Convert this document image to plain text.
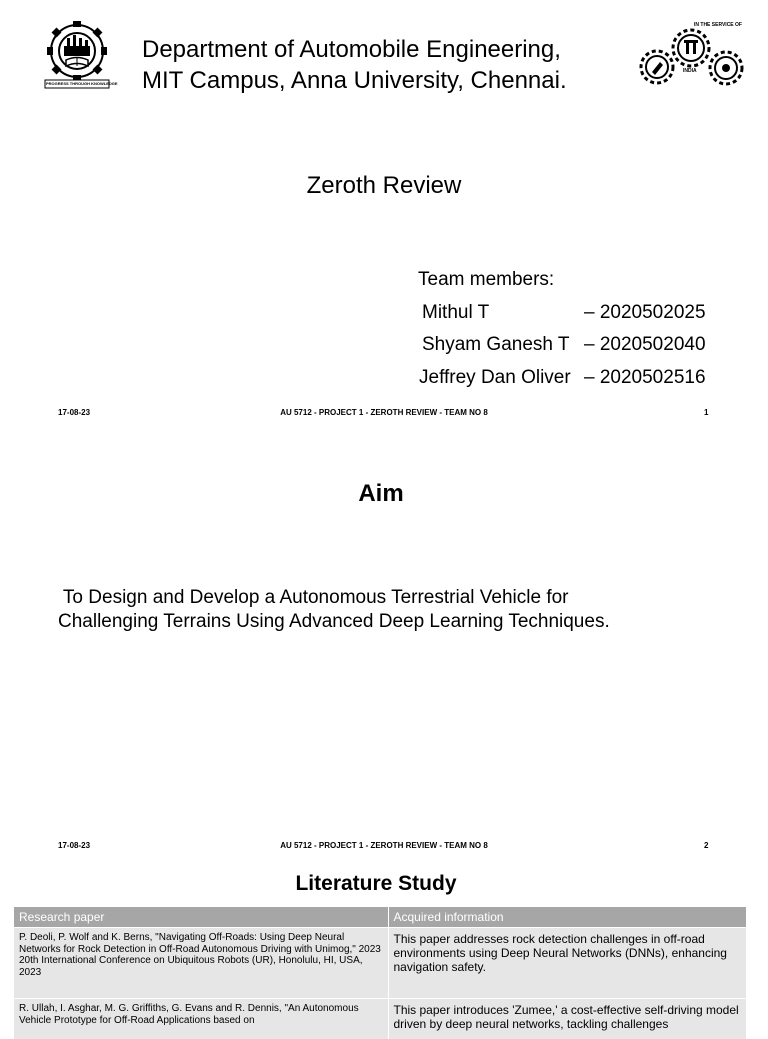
PROGRESS THROUGH KNOWLEDGE
Department of Automobile Engineering,
MIT Campus, Anna University, Chennai.
IN THE SERVICE OF
INDIA
Zeroth Review
Team members:
Mithul T	– 2020502025
Shyam Ganesh T – 2020502040
Jeffrey Dan Oliver – 2020502516
17-08-23	AU 5712 - PROJECT 1 - ZEROTH REVIEW - TEAM NO 8	1
Aim
To Design and Develop a Autonomous Terrestrial Vehicle for
Challenging Terrains Using Advanced Deep Learning Techniques.
17-08-23	AU 5712 - PROJECT 1 - ZEROTH REVIEW - TEAM NO 8	2
Literature Study
Research paper	Acquired information
P. Deoli, P. Wolf and K. Berns, "Navigating Off-Roads: Using Deep Neural Networks for Rock Detection in Off-Road Autonomous Driving with Unimog," 2023 20th International Conference on Ubiquitous Robots (UR), Honolulu, HI, USA, 2023	This paper addresses rock detection challenges in off-road environments using Deep Neural Networks (DNNs), enhancing navigation safety.
R. Ullah, I. Asghar, M. G. Griffiths, G. Evans and R. Dennis, "An Autonomous Vehicle Prototype for Off-Road Applications based on	This paper introduces 'Zumee,' a cost-effective self-driving model driven by deep neural networks, tackling challenges
